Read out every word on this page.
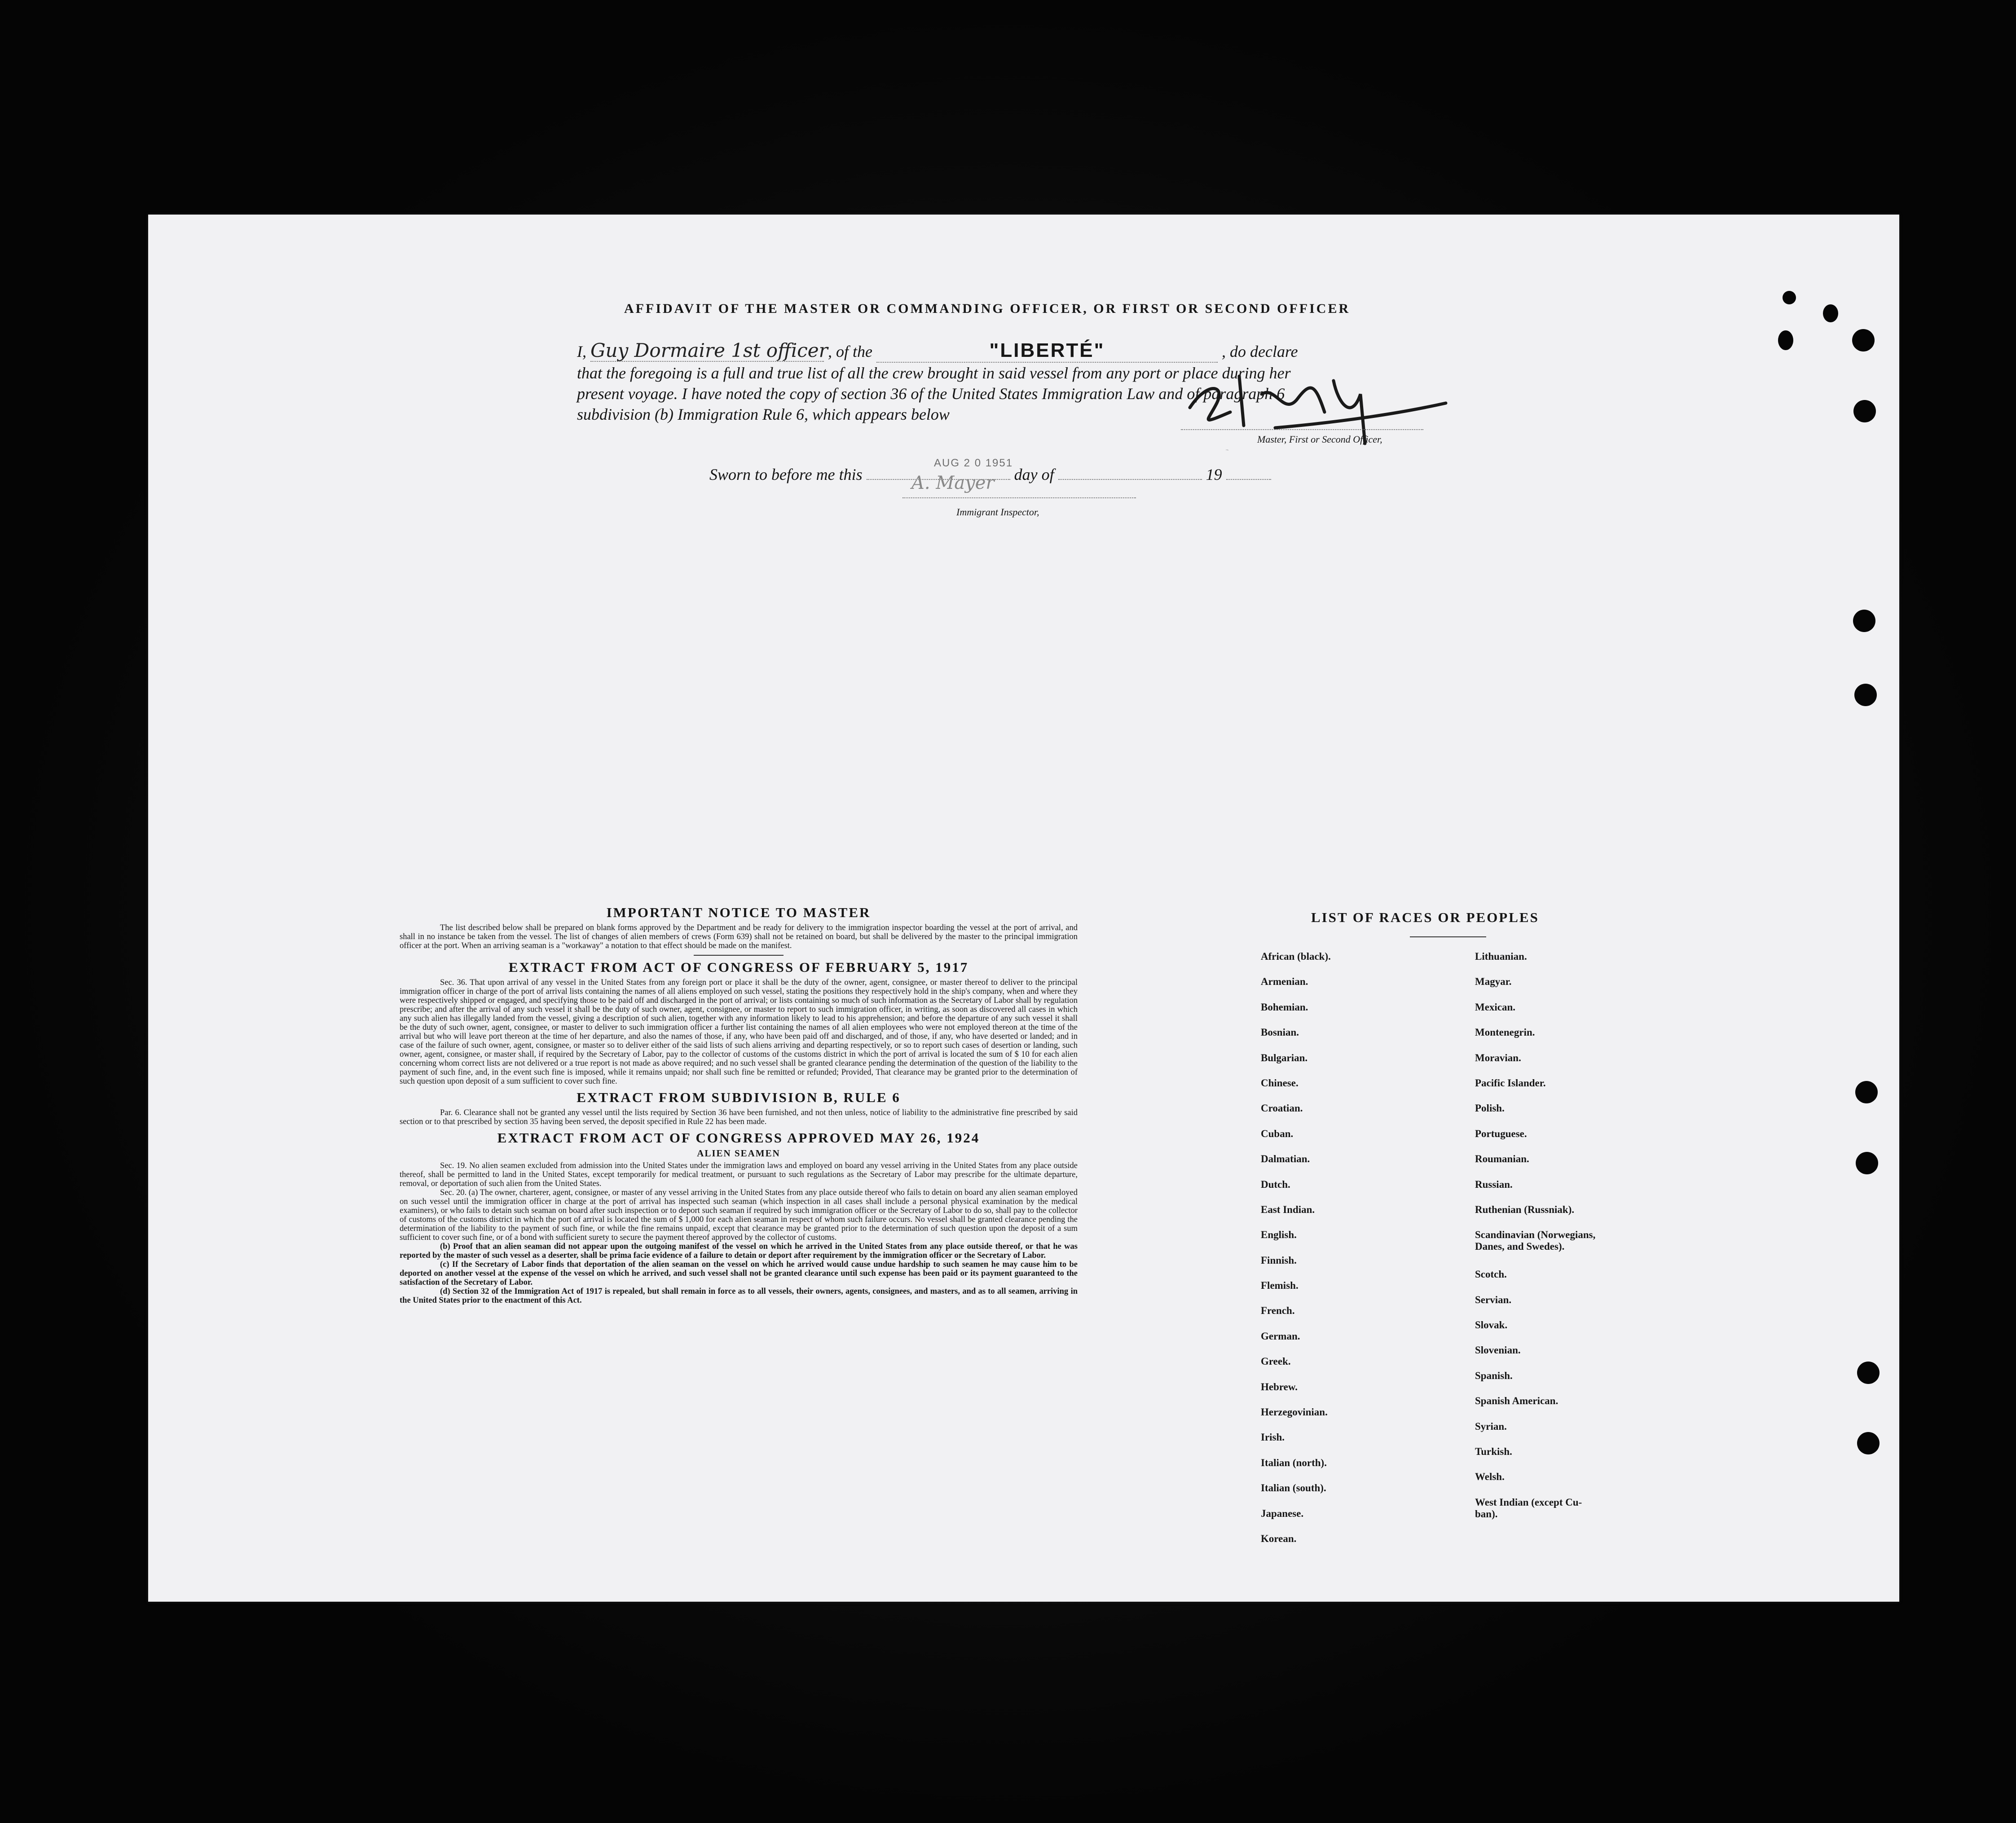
AFFIDAVIT OF THE MASTER OR COMMANDING OFFICER, OR FIRST OR SECOND OFFICER

I, Guy Dormaire 1st officer , of the	"LIBERTÉ"	, do declare

that the foregoing is a full and true list of all the crew brought in said vessel from any port or place during her

present voyage. I have noted the copy of section 36 of the United States Immigration Law and of paragraph 6

subdivision (b) Immigration Rule 6, which appears below

G Dary
Master, First or Second Officer,
Sworn to before me this	day of	19
AUG 2 0 1951
A. Mayer
Immigrant Inspector,
IMPORTANT NOTICE TO MASTER

The list described below shall be prepared on blank forms approved by the Department and be ready for delivery to the immigration inspector boarding the vessel at the port of arrival, and shall in no instance be taken from the vessel. The list of changes of alien members of crews (Form 639) shall not be retained on board, but shall be delivered by the master to the principal immigration officer at the port. When an arriving seaman is a "workaway" a notation to that effect should be made on the manifest.

EXTRACT FROM ACT OF CONGRESS OF FEBRUARY 5, 1917

Sec. 36. That upon arrival of any vessel in the United States from any foreign port or place it shall be the duty of the owner, agent, consignee, or master thereof to deliver to the principal immigration officer in charge of the port of arrival lists containing the names of all aliens employed on such vessel, stating the positions they respectively hold in the ship's company, when and where they were respectively shipped or engaged, and specifying those to be paid off and discharged in the port of arrival; or lists containing so much of such information as the Secretary of Labor shall by regulation prescribe; and after the arrival of any such vessel it shall be the duty of such owner, agent, consignee, or master to report to such immigration officer, in writing, as soon as discovered all cases in which any such alien has illegally landed from the vessel, giving a description of such alien, together with any information likely to lead to his apprehension; and before the departure of any such vessel it shall be the duty of such owner, agent, consignee, or master to deliver to such immigration officer a further list containing the names of all alien employees who were not employed thereon at the time of the arrival but who will leave port thereon at the time of her departure, and also the names of those, if any, who have been paid off and discharged, and of those, if any, who have deserted or landed; and in case of the failure of such owner, agent, consignee, or master so to deliver either of the said lists of such aliens arriving and departing respectively, or so to report such cases of desertion or landing, such owner, agent, consignee, or master shall, if required by the Secretary of Labor, pay to the collector of customs of the customs district in which the port of arrival is located the sum of $ 10 for each alien concerning whom correct lists are not delivered or a true report is not made as above required; and no such vessel shall be granted clearance pending the determination of the question of the liability to the payment of such fine, and, in the event such fine is imposed, while it remains unpaid; nor shall such fine be remitted or refunded; Provided, That clearance may be granted prior to the determination of such question upon deposit of a sum sufficient to cover such fine.

EXTRACT FROM SUBDIVISION B, RULE 6

Par. 6. Clearance shall not be granted any vessel until the lists required by Section 36 have been furnished, and not then unless, notice of liability to the administrative fine prescribed by said section or to that prescribed by section 35 having been served, the deposit specified in Rule 22 has been made.

EXTRACT FROM ACT OF CONGRESS APPROVED MAY 26, 1924
ALIEN SEAMEN

Sec. 19. No alien seamen excluded from admission into the United States under the immigration laws and employed on board any vessel arriving in the United States from any place outside thereof, shall be permitted to land in the United States, except temporarily for medical treatment, or pursuant to such regulations as the Secretary of Labor may prescribe for the ultimate departure, removal, or deportation of such alien from the United States.

Sec. 20. (a) The owner, charterer, agent, consignee, or master of any vessel arriving in the United States from any place outside thereof who fails to detain on board any alien seaman employed on such vessel until the immigration officer in charge at the port of arrival has inspected such seaman (which inspection in all cases shall include a personal physical examination by the medical examiners), or who fails to detain such seaman on board after such inspection or to deport such seaman if required by such immigration officer or the Secretary of Labor to do so, shall pay to the collector of customs of the customs district in which the port of arrival is located the sum of $ 1,000 for each alien seaman in respect of whom such failure occurs. No vessel shall be granted clearance pending the determination of the liability to the payment of such fine, or while the fine remains unpaid, except that clearance may be granted prior to the determination of such question upon the deposit of a sum sufficient to cover such fine, or of a bond with sufficient surety to secure the payment thereof approved by the collector of customs.

(b) Proof that an alien seaman did not appear upon the outgoing manifest of the vessel on which he arrived in the United States from any place outside thereof, or that he was reported by the master of such vessel as a deserter, shall be prima facie evidence of a failure to detain or deport after requirement by the immigration officer or the Secretary of Labor.

(c) If the Secretary of Labor finds that deportation of the alien seaman on the vessel on which he arrived would cause undue hardship to such seamen he may cause him to be deported on another vessel at the expense of the vessel on which he arrived, and such vessel shall not be granted clearance until such expense has been paid or its payment guaranteed to the satisfaction of the Secretary of Labor.

(d) Section 32 of the Immigration Act of 1917 is repealed, but shall remain in force as to all vessels, their owners, agents, consignees, and masters, and as to all seamen, arriving in the United States prior to the enactment of this Act.

LIST OF RACES OR PEOPLES
African (black).
Armenian.
Bohemian.
Bosnian.
Bulgarian.
Chinese.
Croatian.
Cuban.
Dalmatian.
Dutch.
East Indian.
English.
Finnish.
Flemish.
French.
German.
Greek.
Hebrew.
Herzegovinian.
Irish.
Italian (north).
Italian (south).
Japanese.
Korean.
Lithuanian.
Magyar.
Mexican.
Montenegrin.
Moravian.
Pacific Islander.
Polish.
Portuguese.
Roumanian.
Russian.
Ruthenian (Russniak).
Scandinavian (Norwegians,
Danes, and Swedes).
Scotch.
Servian.
Slovak.
Slovenian.
Spanish.
Spanish American.
Syrian.
Turkish.
Welsh.
West Indian (except Cu-
ban).
